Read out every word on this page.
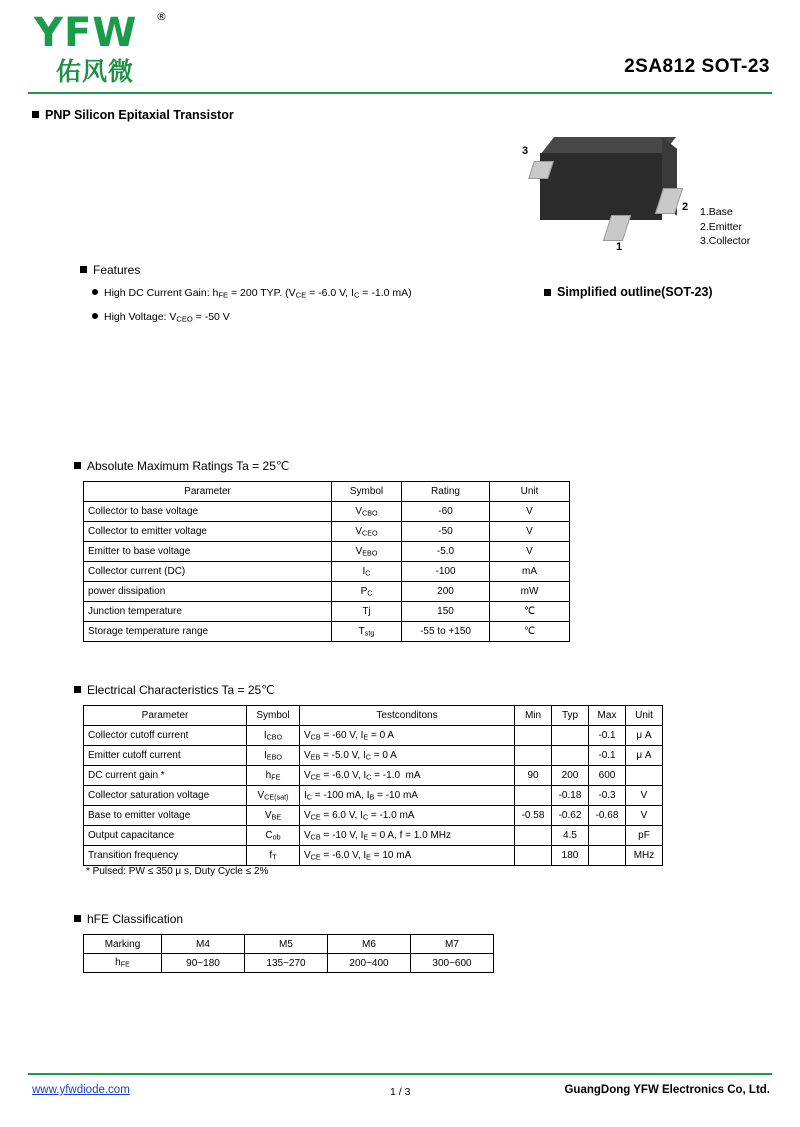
YFW ®
佑风微	2SA812 SOT-23
PNP Silicon Epitaxial Transistor
3
2
1
1.Base
2.Emitter
3.Collector
Simplified outline(SOT-23)
Features
High DC Current Gain: $h_{FE} = 200$ TYP. ($V_{CE} = -6.0$ V, $I_C = -1.0$ mA)
High Voltage: $V_{CEO} = -50$ V
Absolute Maximum Ratings Ta = 25℃
Parameter	Symbol	Rating	Unit
Collector to base voltage	$V_{CBO}$	-60	V
Collector to emitter voltage	$V_{CEO}$	-50	V
Emitter to base voltage	$V_{EBO}$	-5.0	V
Collector current (DC)	$I_C$	-100	mA
power dissipation	$P_C$	200	mW
Junction temperature	Tj	150	℃
Storage temperature range	$T_{stg}$	-55 to +150	℃
Electrical Characteristics Ta = 25℃
Parameter	Symbol	Testconditons	Min	Typ	Max	Unit
Collector cutoff current	$I_{CBO}$	$V_{CB} = -60$ V, $I_E = 0$ A			-0.1	μ A
Emitter cutoff current	$I_{EBO}$	$V_{EB} = -5.0$ V, $I_C = 0$ A			-0.1	μ A
DC current gain *	$h_{FE}$	$V_{CE} = -6.0$ V, $I_C = -1.0$  mA	90	200	600	
Collector saturation voltage	$V_{CE(sat)}$	$I_C = -100$ mA, $I_B = -10$ mA		-0.18	-0.3	V
Base to emitter voltage	$V_{BE}$	$V_{CE} = 6.0$ V, $I_C = -1.0$ mA	-0.58	-0.62	-0.68	V
Output capacitance	$C_{ob}$	$V_{CB} = -10$ V, $I_E = 0$ A, f = 1.0 MHz		4.5		pF
Transition frequency	$f_T$	$V_{CE} = -6.0$ V, $I_E = 10$ mA		180		MHz
* Pulsed: PW ≤ 350 μ s, Duty Cycle ≤ 2%
hFE Classification
Marking	M4	M5	M6	M7
$h_{FE}$	90~180	135~270	200~400	300~600
www.yfwdiode.com	1 / 3	GuangDong YFW Electronics Co, Ltd.
